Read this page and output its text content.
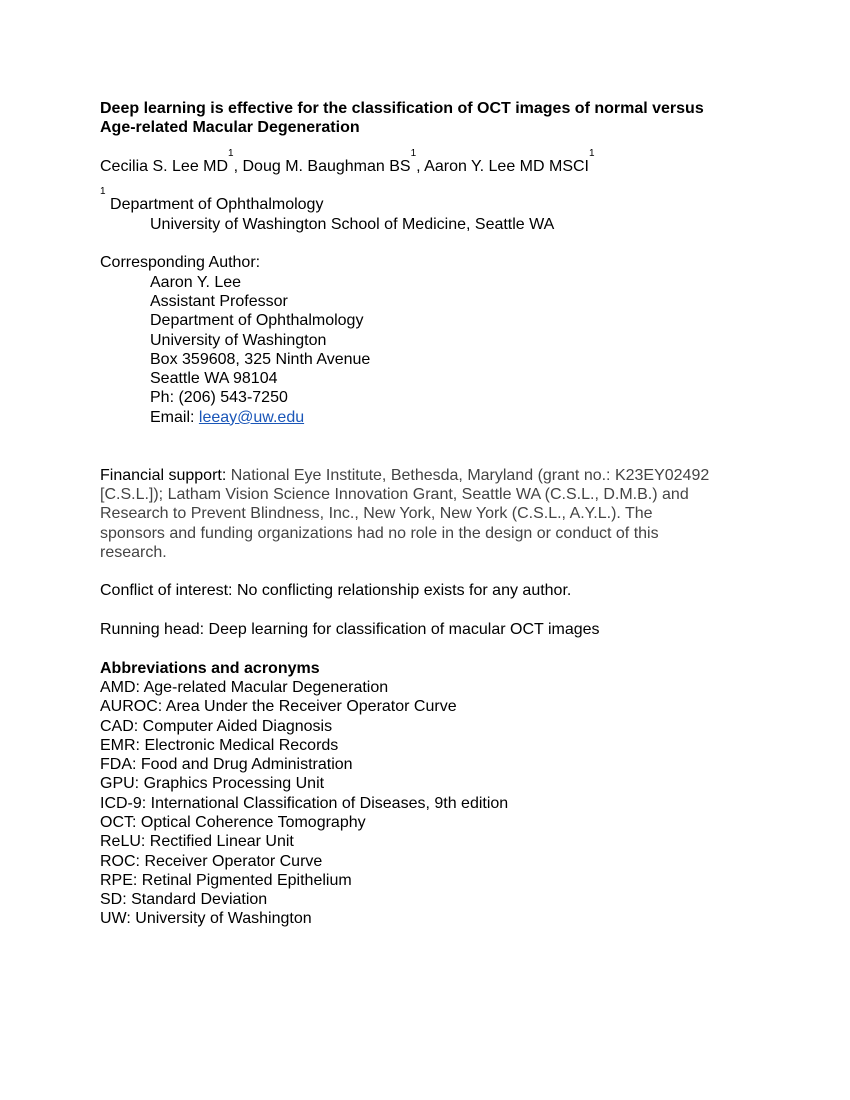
Deep learning is effective for the classification of OCT images of normal versus
Age-related Macular Degeneration
Cecilia S. Lee $MD^1$, Doug M. Baughman $BS^1$, Aaron Y. Lee MD MSCI$^1$
$^1$ Department of Ophthalmology
University of Washington School of Medicine, Seattle WA
Corresponding Author:
Aaron Y. Lee
Assistant Professor
Department of Ophthalmology
University of Washington
Box 359608, 325 Ninth Avenue
Seattle WA 98104
Ph: (206) 543-7250
Email: leeay@uw.edu
Financial support: National Eye Institute, Bethesda, Maryland (grant no.: K23EY02492
[C.S.L.]); Latham Vision Science Innovation Grant, Seattle WA (C.S.L., D.M.B.) and
Research to Prevent Blindness, Inc., New York, New York (C.S.L., A.Y.L.). The
sponsors and funding organizations had no role in the design or conduct of this
research.
Conflict of interest: No conflicting relationship exists for any author.
Running head: Deep learning for classification of macular OCT images
Abbreviations and acronyms
AMD: Age-related Macular Degeneration
AUROC: Area Under the Receiver Operator Curve
CAD: Computer Aided Diagnosis
EMR: Electronic Medical Records
FDA: Food and Drug Administration
GPU: Graphics Processing Unit
ICD-9: International Classification of Diseases, 9th edition
OCT: Optical Coherence Tomography
ReLU: Rectified Linear Unit
ROC: Receiver Operator Curve
RPE: Retinal Pigmented Epithelium
SD: Standard Deviation
UW: University of Washington
